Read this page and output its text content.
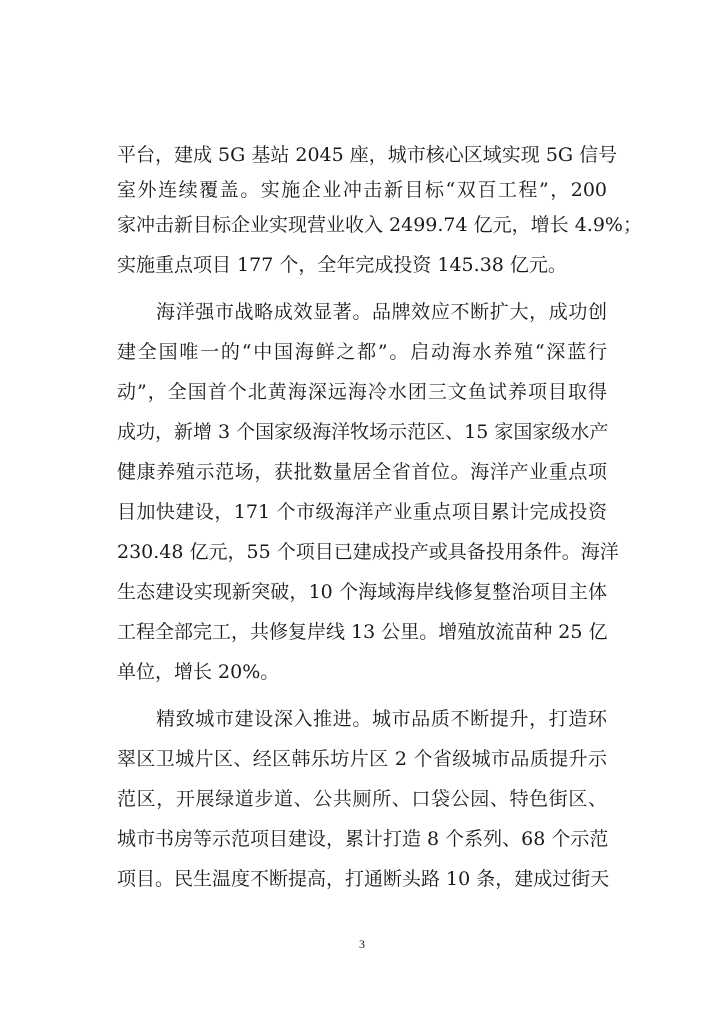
平台，建成 5G 基站 2045 座，城市核心区域实现 5G 信号
室外连续覆盖。实施企业冲击新目标“双百工程”，200
家冲击新目标企业实现营业收入 2499.74 亿元，增长 4.9%；
实施重点项目 177 个，全年完成投资 145.38 亿元。
海洋强市战略成效显著。品牌效应不断扩大，成功创
建全国唯一的“中国海鲜之都”。启动海水养殖“深蓝行
动”，全国首个北黄海深远海冷水团三文鱼试养项目取得
成功，新增 3 个国家级海洋牧场示范区、15 家国家级水产
健康养殖示范场，获批数量居全省首位。海洋产业重点项
目加快建设，171 个市级海洋产业重点项目累计完成投资
230.48 亿元，55 个项目已建成投产或具备投用条件。海洋
生态建设实现新突破，10 个海域海岸线修复整治项目主体
工程全部完工，共修复岸线 13 公里。增殖放流苗种 25 亿
单位，增长 20%。
精致城市建设深入推进。城市品质不断提升，打造环
翠区卫城片区、经区韩乐坊片区 2 个省级城市品质提升示
范区，开展绿道步道、公共厕所、口袋公园、特色街区、
城市书房等示范项目建设，累计打造 8 个系列、68 个示范
项目。民生温度不断提高，打通断头路 10 条，建成过街天
3
